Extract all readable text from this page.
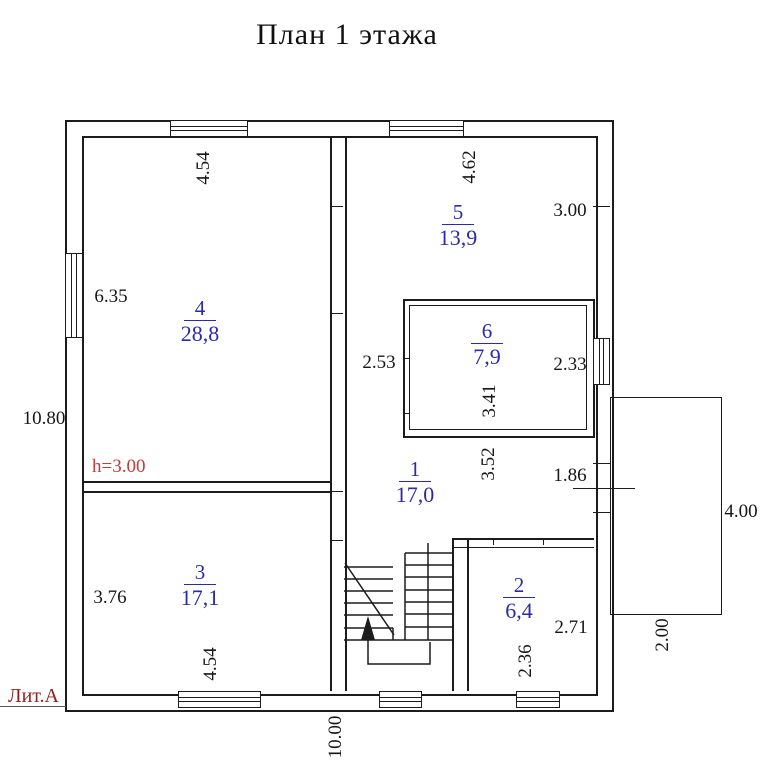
План 1 этажа
4
28,8
5
13,9
6
7,9
1
17,0
3
17,1
2
6,4
4.54	4.62
3.00
6.35
10.80
2.53	2.33
3.41
3.52	1.86
3.76
4.54
2.71
2.36
4.00
2.00
10.00
h=3.00
Лит.А
